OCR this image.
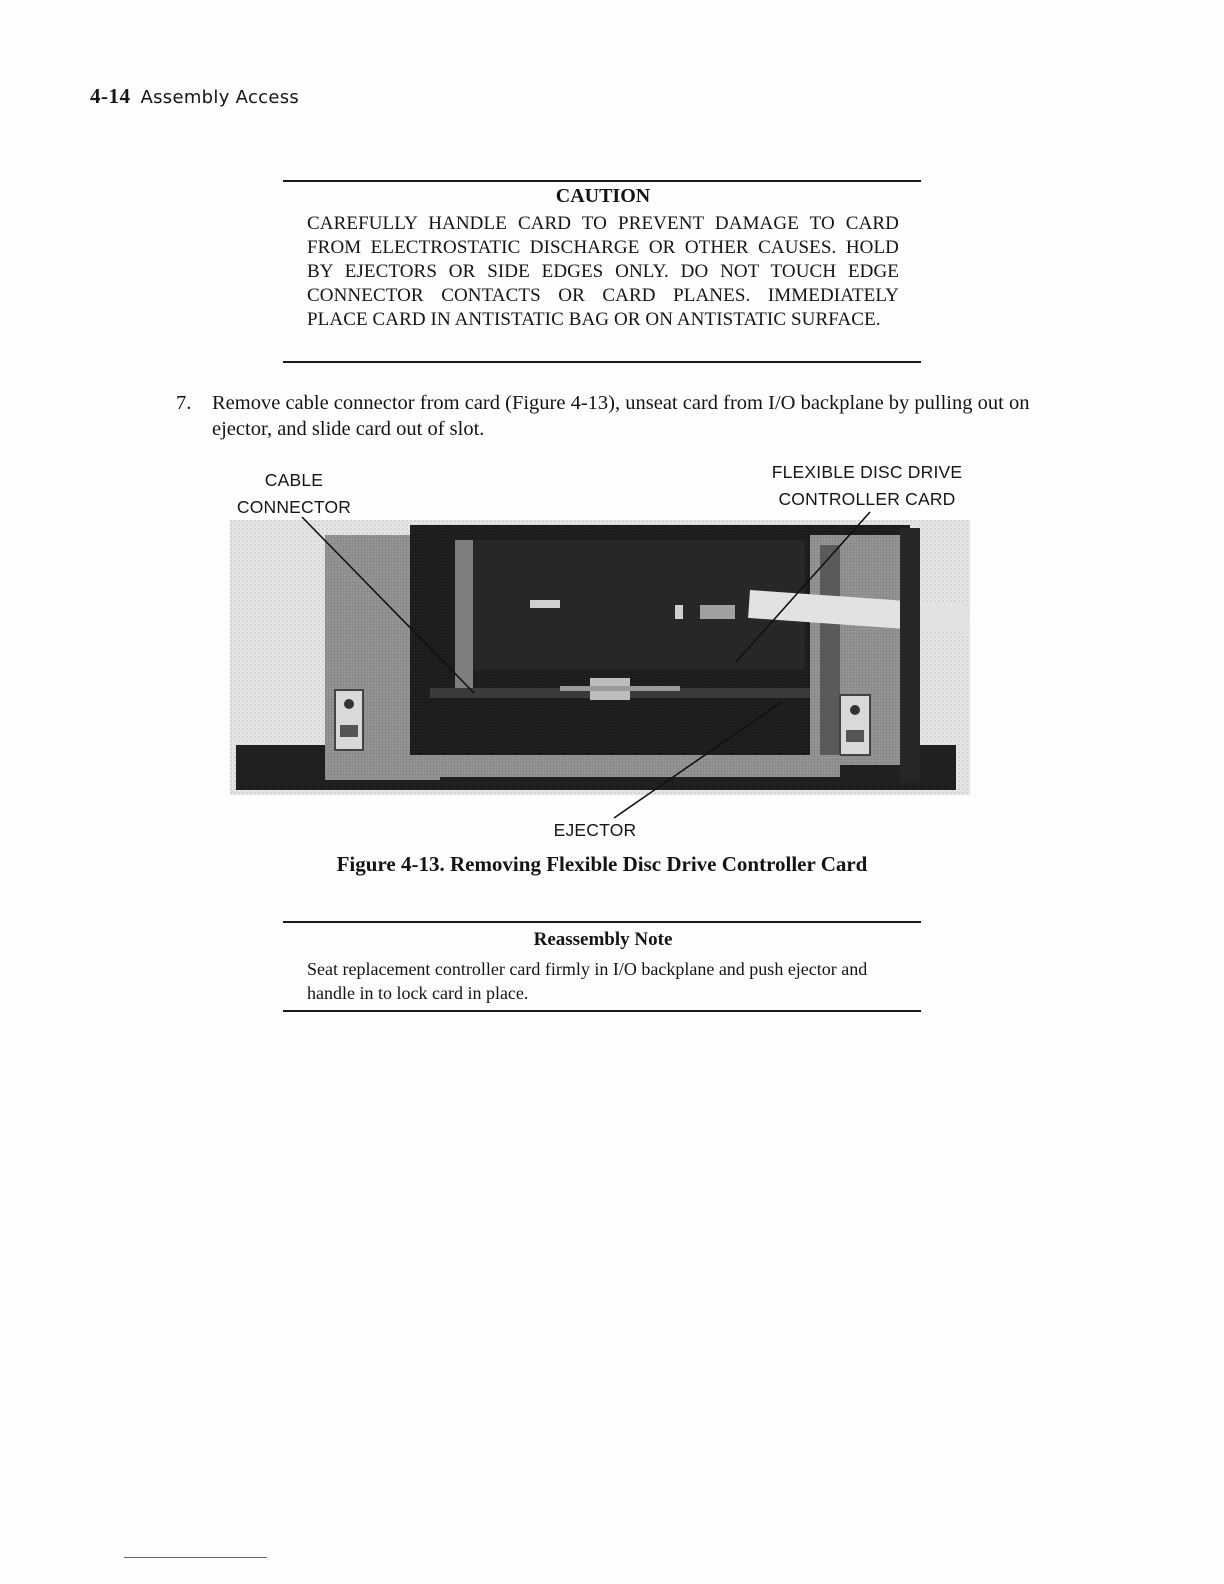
4-14 Assembly Access
CAUTION
CAREFULLY HANDLE CARD TO PREVENT DAMAGE TO CARD FROM ELECTROSTATIC DISCHARGE OR OTHER CAUSES. HOLD BY EJECTORS OR SIDE EDGES ONLY. DO NOT TOUCH EDGE CONNECTOR CONTACTS OR CARD PLANES. IMMEDIATELY PLACE CARD IN ANTISTATIC BAG OR ON ANTISTATIC SURFACE.
7. Remove cable connector from card (Figure 4-13), unseat card from I/O backplane by pulling out on ejector, and slide card out of slot.
CABLE
CONNECTOR
FLEXIBLE DISC DRIVE
CONTROLLER CARD
EJECTOR
Figure 4-13. Removing Flexible Disc Drive Controller Card
Reassembly Note
Seat replacement controller card firmly in I/O backplane and push ejector and handle in to lock card in place.
